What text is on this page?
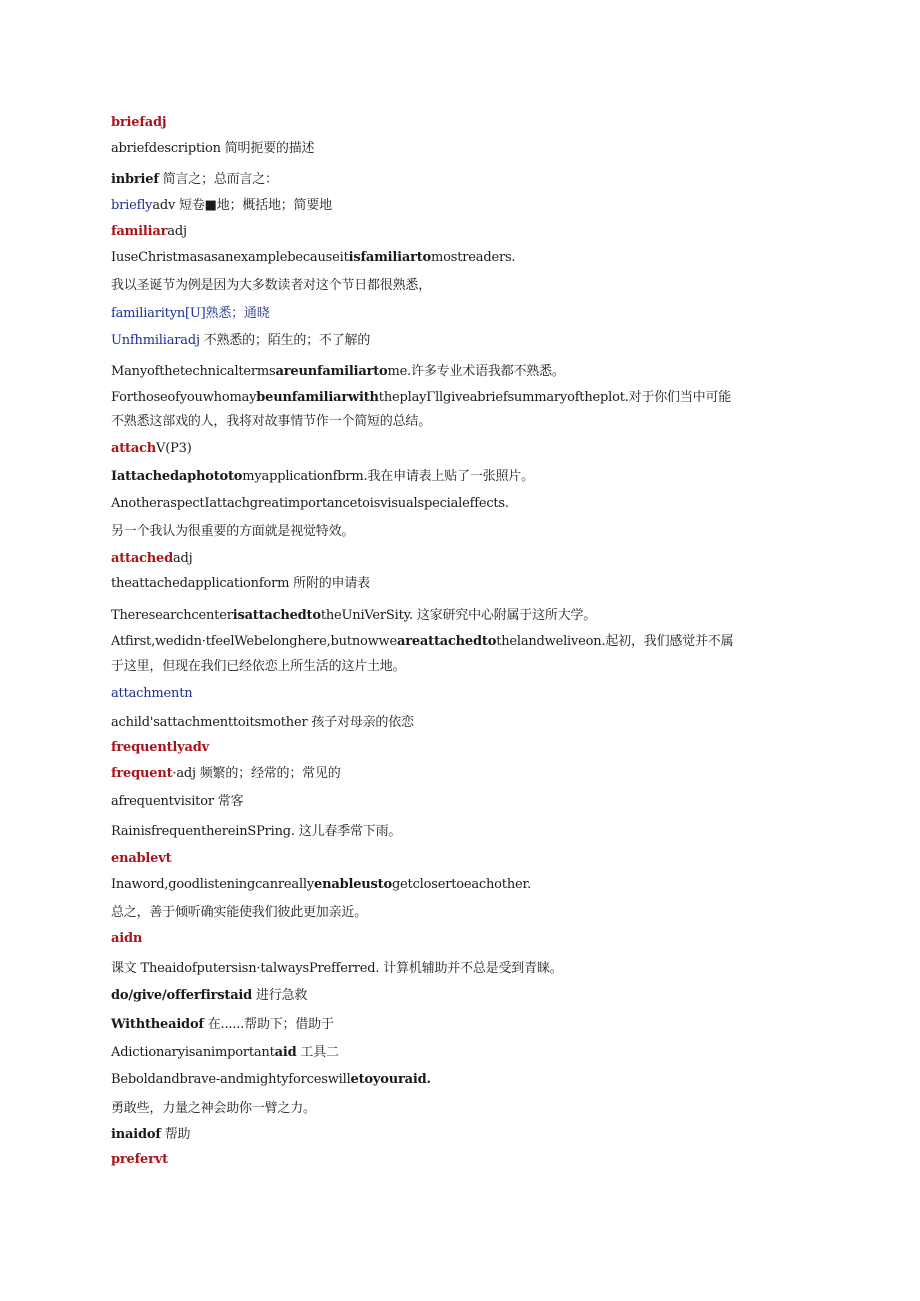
briefadj
abriefdescription 简明扼要的描述
inbrief 简言之；总而言之：
brieflyadv 短卷■地；概括地；简要地
familiaradj
IuseChristmasasanexamplebecauseitisfamiliartomostreaders.
我以圣诞节为例是因为大多数读者对这个节日都很熟悉，
familiarityn[U]熟悉；通晓
Unfhmiliaradj 不熟悉的；陌生的；不了解的
Manyofthetechnicaltermsareunfamiliartome.许多专业术语我都不熟悉。
ForthoseofyouwhomaybeunfamiliarwiththeplayΓllgiveabriefsummaryoftheplot.对于你们当中可能
不熟悉这部戏的人，我将对故事情节作一个简短的总结。
attachV(P3)
Iattachedaphototomyapplicationfbrm.我在申请表上贴了一张照片。
AnotheraspectIattachgreatimportancetoisvisualspecialeffects.
另一个我认为很重要的方面就是视觉特效。
attachedadj
theattachedapplicationform 所附的申请表
TheresearchcenterisattachedtotheUniVerSity. 这家研究中心附属于这所大学。
Atfirst,wedidn·tfeelWebelonghere,butnowweareattachedtothelandweliveon.起初，我们感觉并不属
于这里，但现在我们已经依恋上所生活的这片土地。
attachmentn
achild'sattachmenttoitsmother 孩子对母亲的依恋
frequentlyadv
frequent·adj 频繁的；经常的；常见的
afrequentvisitor 常客
RainisfrequenthereinSPring. 这儿春季常下雨。
enablevt
Inaword,goodlisteningcanreallyenableustogetclosertoeachother.
总之，善于倾听确实能使我们彼此更加亲近。
aidn
课文 Theaidofputersisn·talwaysPrefferred. 计算机辅助并不总是受到青睐。
do/give/offerfirstaid 进行急救
Withtheaidof 在......帮助下；借助于
Adictionaryisanimportantaid 工具二
Beboldandbrave-andmightyforceswilletoyouraid.
勇敢些，力量之神会助你一臂之力。
inaidof 帮助
prefervt
